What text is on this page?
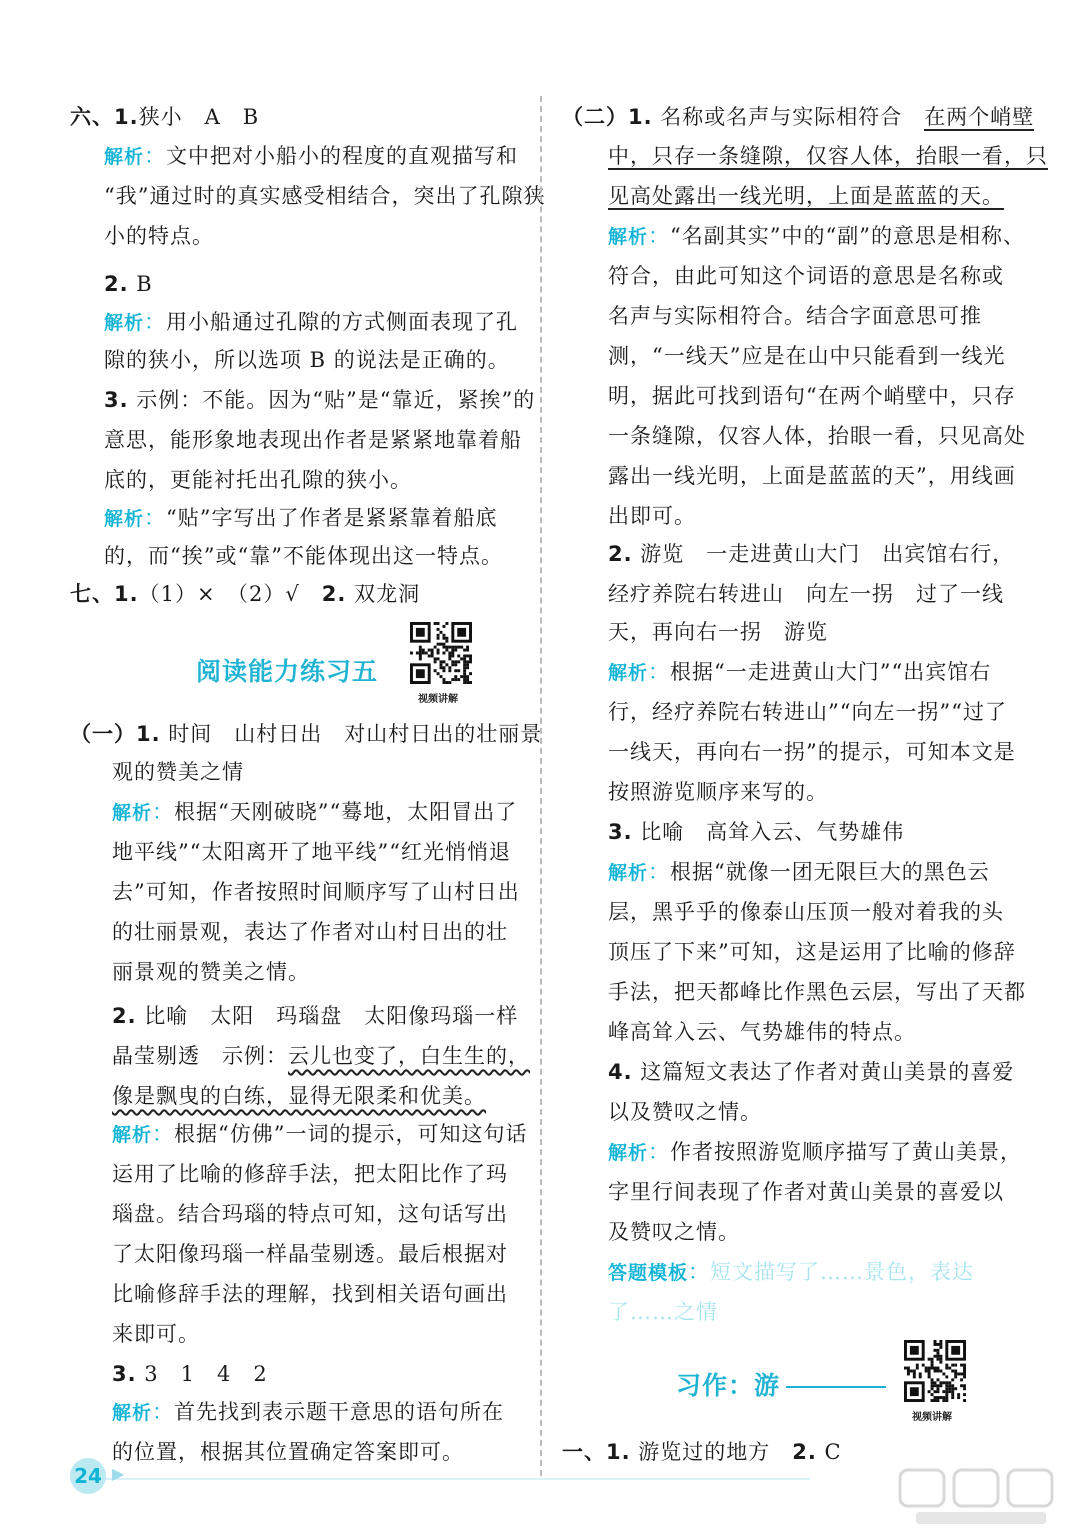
六、1.狭小　A　B
解析：文中把对小船小的程度的直观描写和
“我”通过时的真实感受相结合，突出了孔隙狭
小的特点。
2. B
解析：用小船通过孔隙的方式侧面表现了孔
隙的狭小，所以选项 B 的说法是正确的。
3. 示例：不能。因为“贴”是“靠近，紧挨”的
意思，能形象地表现出作者是紧紧地靠着船
底的，更能衬托出孔隙的狭小。
解析：“贴”字写出了作者是紧紧靠着船底
的，而“挨”或“靠”不能体现出这一特点。
七、1.（1）×　（2）√　2. 双龙洞
（一）1. 时间　山村日出　对山村日出的壮丽景
观的赞美之情
解析：根据“天刚破晓”“蓦地，太阳冒出了
地平线”“太阳离开了地平线”“红光悄悄退
去”可知，作者按照时间顺序写了山村日出
的壮丽景观，表达了作者对山村日出的壮
丽景观的赞美之情。
2. 比喻　太阳　玛瑙盘　太阳像玛瑙一样
晶莹剔透　示例：云儿也变了，白生生的，
像是飘曳的白练，显得无限柔和优美。
解析：根据“仿佛”一词的提示，可知这句话
运用了比喻的修辞手法，把太阳比作了玛
瑙盘。结合玛瑙的特点可知，这句话写出
了太阳像玛瑙一样晶莹剔透。最后根据对
比喻修辞手法的理解，找到相关语句画出
来即可。
3. 3　1　4　2
解析：首先找到表示题干意思的语句所在
的位置，根据其位置确定答案即可。
（二）1. 名称或名声与实际相符合　在两个峭壁
中，只存一条缝隙，仅容人体，抬眼一看，只
见高处露出一线光明，上面是蓝蓝的天。
解析：“名副其实”中的“副”的意思是相称、
符合，由此可知这个词语的意思是名称或
名声与实际相符合。结合字面意思可推
测，“一线天”应是在山中只能看到一线光
明，据此可找到语句“在两个峭壁中，只存
一条缝隙，仅容人体，抬眼一看，只见高处
露出一线光明，上面是蓝蓝的天”，用线画
出即可。
2. 游览　一走进黄山大门　出宾馆右行，
经疗养院右转进山　向左一拐　过了一线
天，再向右一拐　游览
解析：根据“一走进黄山大门”“出宾馆右
行，经疗养院右转进山”“向左一拐”“过了
一线天，再向右一拐”的提示，可知本文是
按照游览顺序来写的。
3. 比喻　高耸入云、气势雄伟
解析：根据“就像一团无限巨大的黑色云
层，黑乎乎的像泰山压顶一般对着我的头
顶压了下来”可知，这是运用了比喻的修辞
手法，把天都峰比作黑色云层，写出了天都
峰高耸入云、气势雄伟的特点。
4. 这篇短文表达了作者对黄山美景的喜爱
以及赞叹之情。
解析：作者按照游览顺序描写了黄山美景，
字里行间表现了作者对黄山美景的喜爱以
及赞叹之情。
答题模板：短文描写了……景色，表达
了……之情
一、1. 游览过的地方　2. C
阅读能力练习五
视频讲解
习作：游
视频讲解
24 ▶
